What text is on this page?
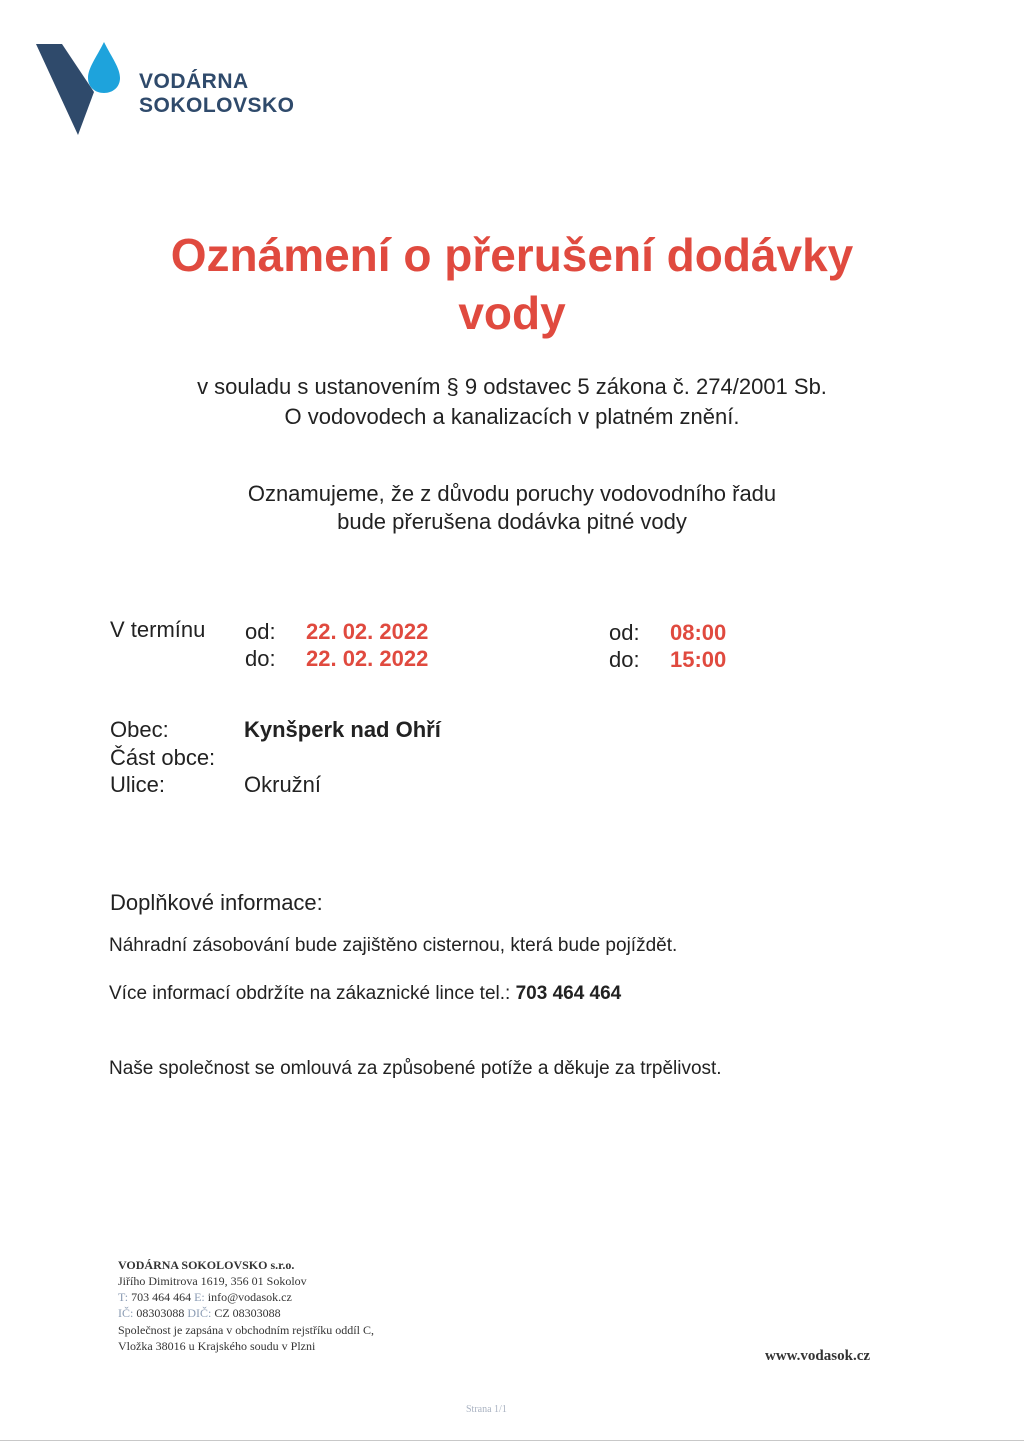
VODÁRNA
SOKOLOVSKO
Oznámení o přerušení dodávky
vody
v souladu s ustanovením § 9 odstavec 5 zákona č. 274/2001 Sb.
O vodovodech a kanalizacích v platném znění.
Oznamujeme, že z důvodu poruchy vodovodního řadu
bude přerušena dodávka pitné vody
V termínu od: 22. 02. 2022
do: 22. 02. 2022
od: 08:00
do: 15:00
Obec:	Kynšperk nad Ohří
Část obce:
Ulice:	Okružní
Doplňkové informace:
Náhradní zásobování bude zajištěno cisternou, která bude pojíždět.
Více informací obdržíte na zákaznické lince tel.: 703 464 464
Naše společnost se omlouvá za způsobené potíže a děkuje za trpělivost.
VODÁRNA SOKOLOVSKO s.r.o.
Jiřího Dimitrova 1619, 356 01 Sokolov
T: 703 464 464 E: info@vodasok.cz
IČ: 08303088 DIČ: CZ 08303088
Společnost je zapsána v obchodním rejstříku oddíl C,
Vložka 38016 u Krajského soudu v Plzni
www.vodasok.cz
Strana 1/1
